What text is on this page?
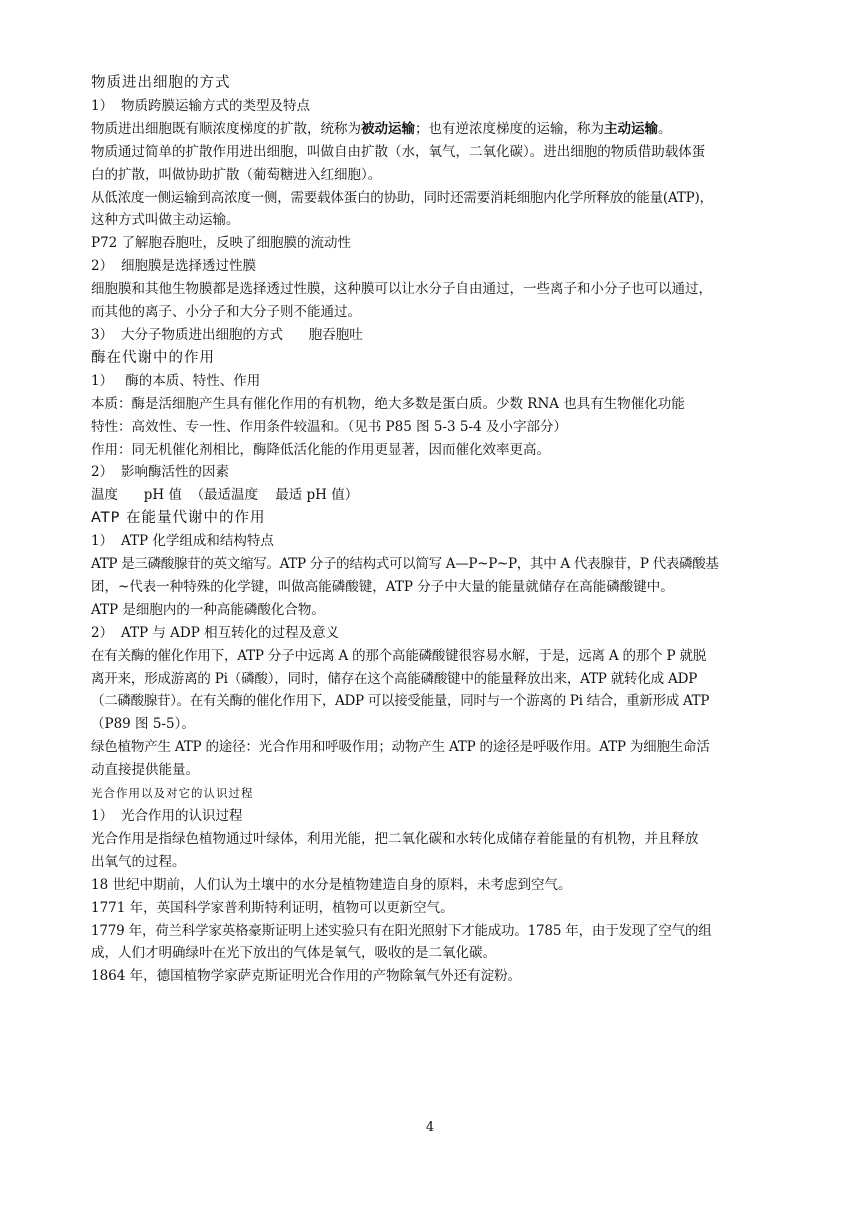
物质进出细胞的方式
1） 物质跨膜运输方式的类型及特点
物质进出细胞既有顺浓度梯度的扩散，统称为被动运输；也有逆浓度梯度的运输，称为主动运输。
物质通过简单的扩散作用进出细胞，叫做自由扩散（水，氧气，二氧化碳）。进出细胞的物质借助载体蛋
白的扩散，叫做协助扩散（葡萄糖进入红细胞）。
从低浓度一侧运输到高浓度一侧，需要载体蛋白的协助，同时还需要消耗细胞内化学所释放的能量(ATP)，
这种方式叫做主动运输。
P72 了解胞吞胞吐，反映了细胞膜的流动性
2） 细胞膜是选择透过性膜
细胞膜和其他生物膜都是选择透过性膜，这种膜可以让水分子自由通过，一些离子和小分子也可以通过，
而其他的离子、小分子和大分子则不能通过。
3） 大分子物质进出细胞的方式      胞吞胞吐
酶在代谢中的作用
1） 酶的本质、特性、作用
本质：酶是活细胞产生具有催化作用的有机物，绝大多数是蛋白质。少数 RNA 也具有生物催化功能
特性：高效性、专一性、作用条件较温和。（见书 P85 图 5-3 5-4 及小字部分）
作用：同无机催化剂相比，酶降低活化能的作用更显著，因而催化效率更高。
2） 影响酶活性的因素
温度      pH 值  （最适温度    最适 pH 值）
ATP 在能量代谢中的作用
1） ATP 化学组成和结构特点
ATP 是三磷酸腺苷的英文缩写。ATP 分子的结构式可以简写 A—P~P~P，其中 A 代表腺苷，P 代表磷酸基
团，~代表一种特殊的化学键，叫做高能磷酸键，ATP 分子中大量的能量就储存在高能磷酸键中。
ATP 是细胞内的一种高能磷酸化合物。
2） ATP 与 ADP 相互转化的过程及意义
在有关酶的催化作用下，ATP 分子中远离 A 的那个高能磷酸键很容易水解，于是，远离 A 的那个 P 就脱
离开来，形成游离的 Pi（磷酸），同时，储存在这个高能磷酸键中的能量释放出来，ATP 就转化成 ADP
（二磷酸腺苷）。在有关酶的催化作用下，ADP 可以接受能量，同时与一个游离的 Pi 结合，重新形成 ATP
（P89 图 5-5）。
绿色植物产生 ATP 的途径：光合作用和呼吸作用；动物产生 ATP 的途径是呼吸作用。ATP 为细胞生命活
动直接提供能量。
光合作用以及对它的认识过程
1） 光合作用的认识过程
光合作用是指绿色植物通过叶绿体，利用光能，把二氧化碳和水转化成储存着能量的有机物，并且释放
出氧气的过程。
18 世纪中期前，人们认为土壤中的水分是植物建造自身的原料，未考虑到空气。
1771 年，英国科学家普利斯特利证明，植物可以更新空气。
1779 年，荷兰科学家英格豪斯证明上述实验只有在阳光照射下才能成功。1785 年，由于发现了空气的组
成，人们才明确绿叶在光下放出的气体是氧气，吸收的是二氧化碳。
1864 年，德国植物学家萨克斯证明光合作用的产物除氧气外还有淀粉。
4
